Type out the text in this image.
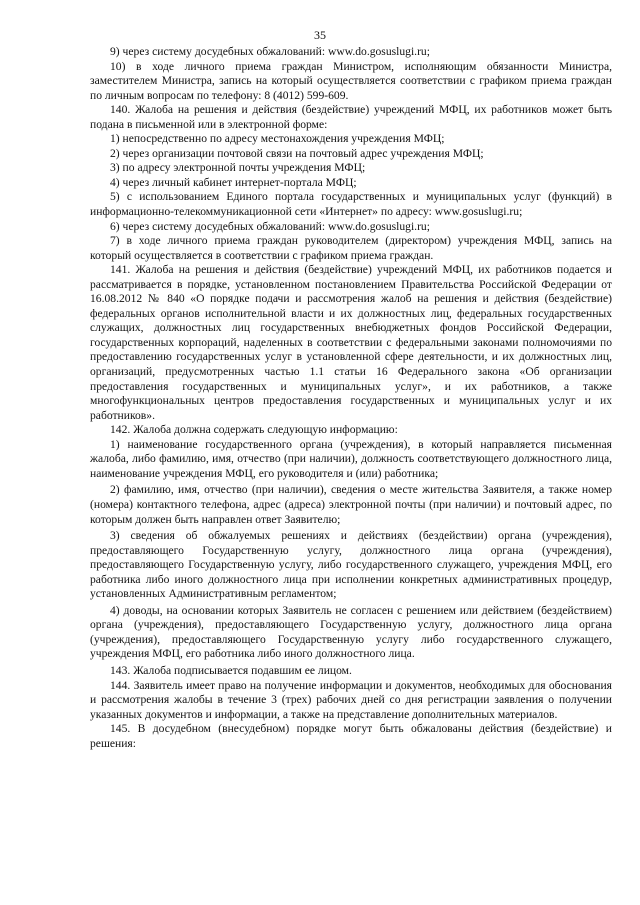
35

9) через систему досудебных обжалований: www.do.gosuslugi.ru;

10) в ходе личного приема граждан Министром, исполняющим обязанности Министра, заместителем Министра, запись на который осуществляется соответствии с графиком приема граждан по личным вопросам по телефону: 8 (4012) 599-609.

140. Жалоба на решения и действия (бездействие) учреждений МФЦ, их работников может быть подана в письменной или в электронной форме:

1) непосредственно по адресу местонахождения учреждения МФЦ;

2) через организации почтовой связи на почтовый адрес учреждения МФЦ;

3) по адресу электронной почты учреждения МФЦ;

4) через личный кабинет интернет-портала МФЦ;

5) с использованием Единого портала государственных и муниципальных услуг (функций) в информационно-телекоммуникационной сети «Интернет» по адресу: www.gosuslugi.ru;

6) через систему досудебных обжалований: www.do.gosuslugi.ru;

7) в ходе личного приема граждан руководителем (директором) учреждения МФЦ, запись на который осуществляется в соответствии с графиком приема граждан.

141. Жалоба на решения и действия (бездействие) учреждений МФЦ, их работников подается и рассматривается в порядке, установленном постановлением Правительства Российской Федерации от 16.08.2012 № 840 «О порядке подачи и рассмотрения жалоб на решения и действия (бездействие) федеральных органов исполнительной власти и их должностных лиц, федеральных государственных служащих, должностных лиц государственных внебюджетных фондов Российской Федерации, государственных корпораций, наделенных в соответствии с федеральными законами полномочиями по предоставлению государственных услуг в установленной сфере деятельности, и их должностных лиц, организаций, предусмотренных частью 1.1 статьи 16 Федерального закона «Об организации предоставления государственных и муниципальных услуг», и их работников, а также многофункциональных центров предоставления государственных и муниципальных услуг и их работников».

142. Жалоба должна содержать следующую информацию:

1) наименование государственного органа (учреждения), в который направляется письменная жалоба, либо фамилию, имя, отчество (при наличии), должность соответствующего должностного лица, наименование учреждения МФЦ, его руководителя и (или) работника;

2) фамилию, имя, отчество (при наличии), сведения о месте жительства Заявителя, а также номер (номера) контактного телефона, адрес (адреса) электронной почты (при наличии) и почтовый адрес, по которым должен быть направлен ответ Заявителю;

3) сведения об обжалуемых решениях и действиях (бездействии) органа (учреждения), предоставляющего Государственную услугу, должностного лица органа (учреждения), предоставляющего Государственную услугу, либо государственного служащего, учреждения МФЦ, его работника либо иного должностного лица при исполнении конкретных административных процедур, установленных Административным регламентом;

4) доводы, на основании которых Заявитель не согласен с решением или действием (бездействием) органа (учреждения), предоставляющего Государственную услугу, должностного лица органа (учреждения), предоставляющего Государственную услугу либо государственного служащего, учреждения МФЦ, его работника либо иного должностного лица.

143. Жалоба подписывается подавшим ее лицом.

144. Заявитель имеет право на получение информации и документов, необходимых для обоснования и рассмотрения жалобы в течение 3 (трех) рабочих дней со дня регистрации заявления о получении указанных документов и информации, а также на представление дополнительных материалов.

145. В досудебном (внесудебном) порядке могут быть обжалованы действия (бездействие) и решения:
